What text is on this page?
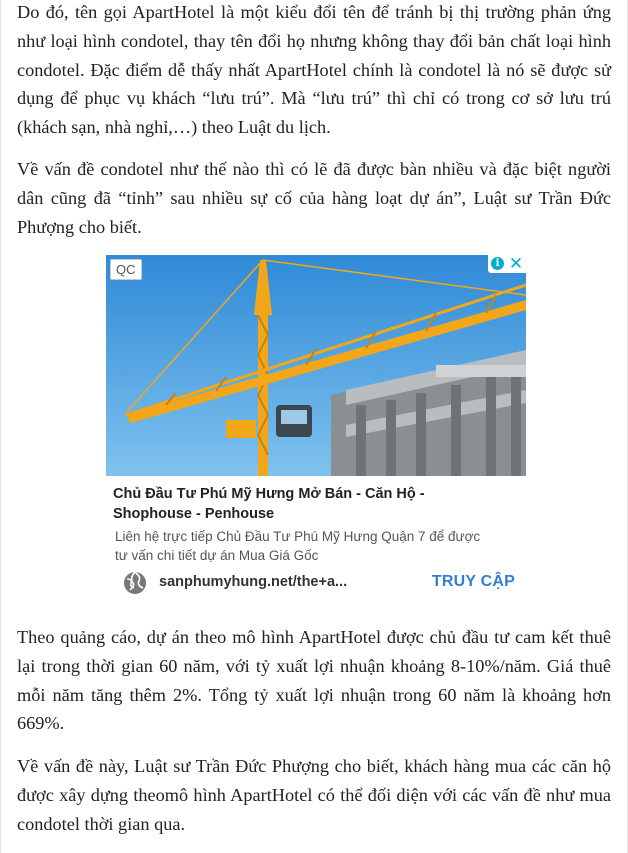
Do đó, tên gọi ApartHotel là một kiểu đổi tên để tránh bị thị trường phản ứng như loại hình condotel, thay tên đổi họ nhưng không thay đổi bản chất loại hình condotel. Đặc điểm dễ thấy nhất ApartHotel chính là condotel là nó sẽ được sử dụng để phục vụ khách “lưu trú”. Mà “lưu trú” thì chỉ có trong cơ sở lưu trú (khách sạn, nhà nghỉ,…) theo Luật du lịch.

Về vấn đề condotel như thế nào thì có lẽ đã được bàn nhiều và đặc biệt người dân cũng đã “tỉnh” sau nhiều sự cố của hàng loạt dự án”, Luật sư Trần Đức Phượng cho biết.

QC	i ✕
Chủ Đầu Tư Phú Mỹ Hưng Mở Bán - Căn Hộ - Shophouse - Penhouse
Liên hệ trực tiếp Chủ Đầu Tư Phú Mỹ Hưng Quận 7 để được tư vấn chi tiết dự án Mua Giá Gốc
sanphumyhung.net/the+a...	TRUY CẬP

Theo quảng cáo, dự án theo mô hình ApartHotel được chủ đầu tư cam kết thuê lại trong thời gian 60 năm, với tỷ xuất lợi nhuận khoảng 8-10%/năm. Giá thuê mỗi năm tăng thêm 2%. Tổng tỷ xuất lợi nhuận trong 60 năm là khoảng hơn 669%.

Về vấn đề này, Luật sư Trần Đức Phượng cho biết, khách hàng mua các căn hộ được xây dựng theomô hình ApartHotel có thể đối diện với các vấn đề như mua condotel thời gian qua.
